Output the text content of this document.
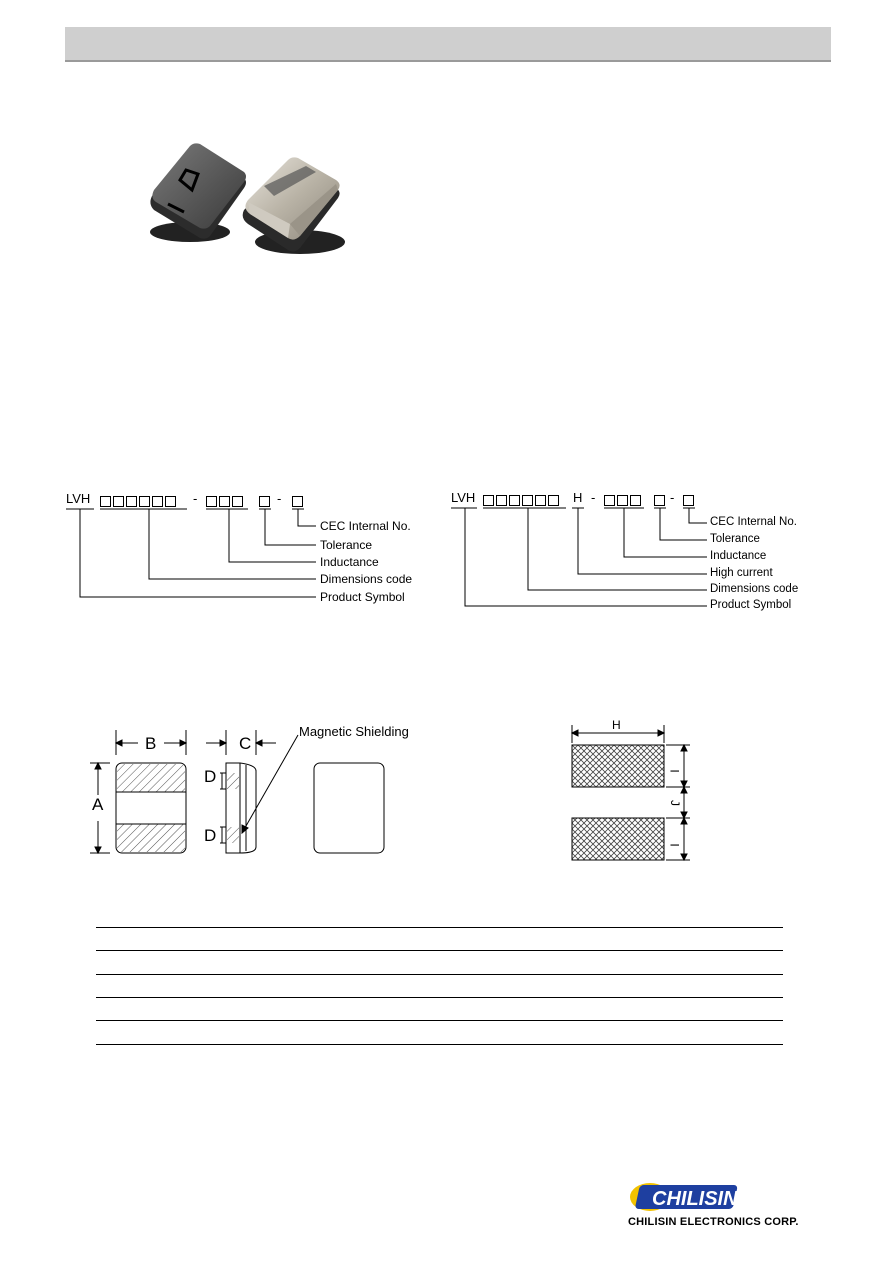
LVH	-	-
CEC Internal No.
Tolerance
Inductance
Dimensions code
Product Symbol
LVH	H -	-
CEC Internal No.
Tolerance
Inductance
High current
Dimensions code
Product Symbol
B
A
C
D
D
Magnetic Shielding	H
I
J
I
CHILISIN
CHILISIN ELECTRONICS CORP.
